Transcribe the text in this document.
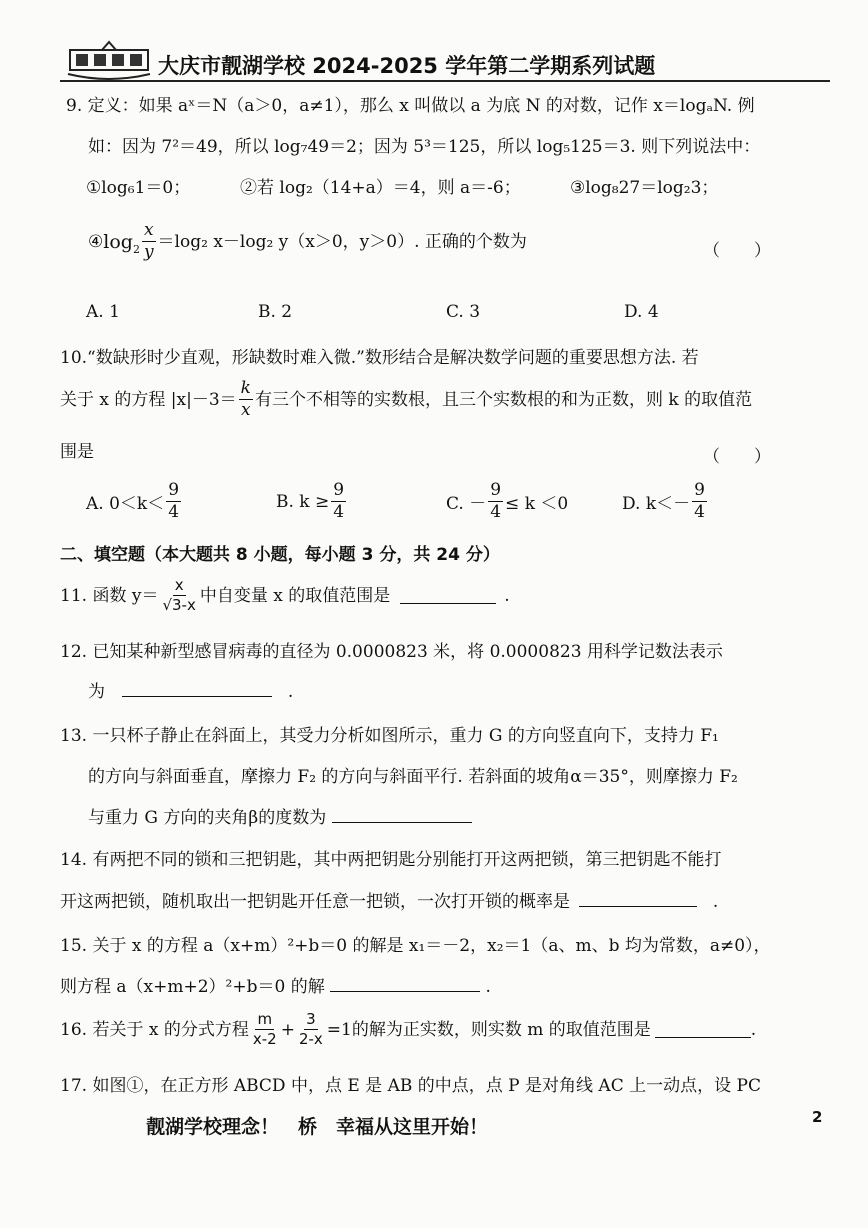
大庆市靓湖学校 2024-2025 学年第二学期系列试题
9. 定义：如果 aˣ＝N（a＞0，a≠1），那么 x 叫做以 a 为底 N 的对数，记作 x＝logₐN. 例
如：因为 7²＝49，所以 log₇49＝2；因为 5³＝125，所以 log₅125＝3. 则下列说法中：
①log₆1＝0；	②若 log₂（14+a）＝4，则 a＝-6；	③log₈27＝log₂3；
④ $\log_2 \frac{x}{y} =\log_2$ x－log₂ y（x＞0，y＞0）. 正确的个数为	（　　）
A. 1	B. 2	C. 3	D. 4
10.“数缺形时少直观，形缺数时难入微.”数形结合是解决数学问题的重要思想方法. 若
关于 x 的方程 $|x|-3= \frac{k}{x}$ 有三个不相等的实数根，且三个实数根的和为正数，则 k 的取值范
围是	（　　）
A. $0<k< \frac{9}{4}$	B. $k \ge \frac{9}{4}$	C. － $\frac{9}{4} \le k <0$	D. $k<- \frac{9}{4}$
二、填空题（本大题共 8 小题，每小题 3 分，共 24 分）
11. 函数 $y= \frac{x}{√3-x}$ 中自变量 x 的取值范围是	.
12. 已知某种新型感冒病毒的直径为 0.0000823 米，将 0.0000823 用科学记数法表示
为	.
13. 一只杯子静止在斜面上，其受力分析如图所示，重力 G 的方向竖直向下，支持力 F₁
的方向与斜面垂直，摩擦力 F₂ 的方向与斜面平行. 若斜面的坡角α＝35°，则摩擦力 F₂
与重力 G 方向的夹角β的度数为
14. 有两把不同的锁和三把钥匙，其中两把钥匙分别能打开这两把锁，第三把钥匙不能打
开这两把锁，随机取出一把钥匙开任意一把锁，一次打开锁的概率是	.
15. 关于 x 的方程 a（x+m）²+b＝0 的解是 x₁＝－2，x₂＝1（a、m、b 均为常数，a≠0），
则方程 a（x+m+2）²+b＝0 的解	.
16. 若关于 x 的分式方程 $\frac{m}{x-2} + \frac{3}{2-x} =1$的解为正实数，则实数 m 的取值范围是	.
17. 如图①，在正方形 ABCD 中，点 E 是 AB 的中点，点 P 是对角线 AC 上一动点，设 PC
靓湖学校理念！　桥　幸福从这里开始！	2
